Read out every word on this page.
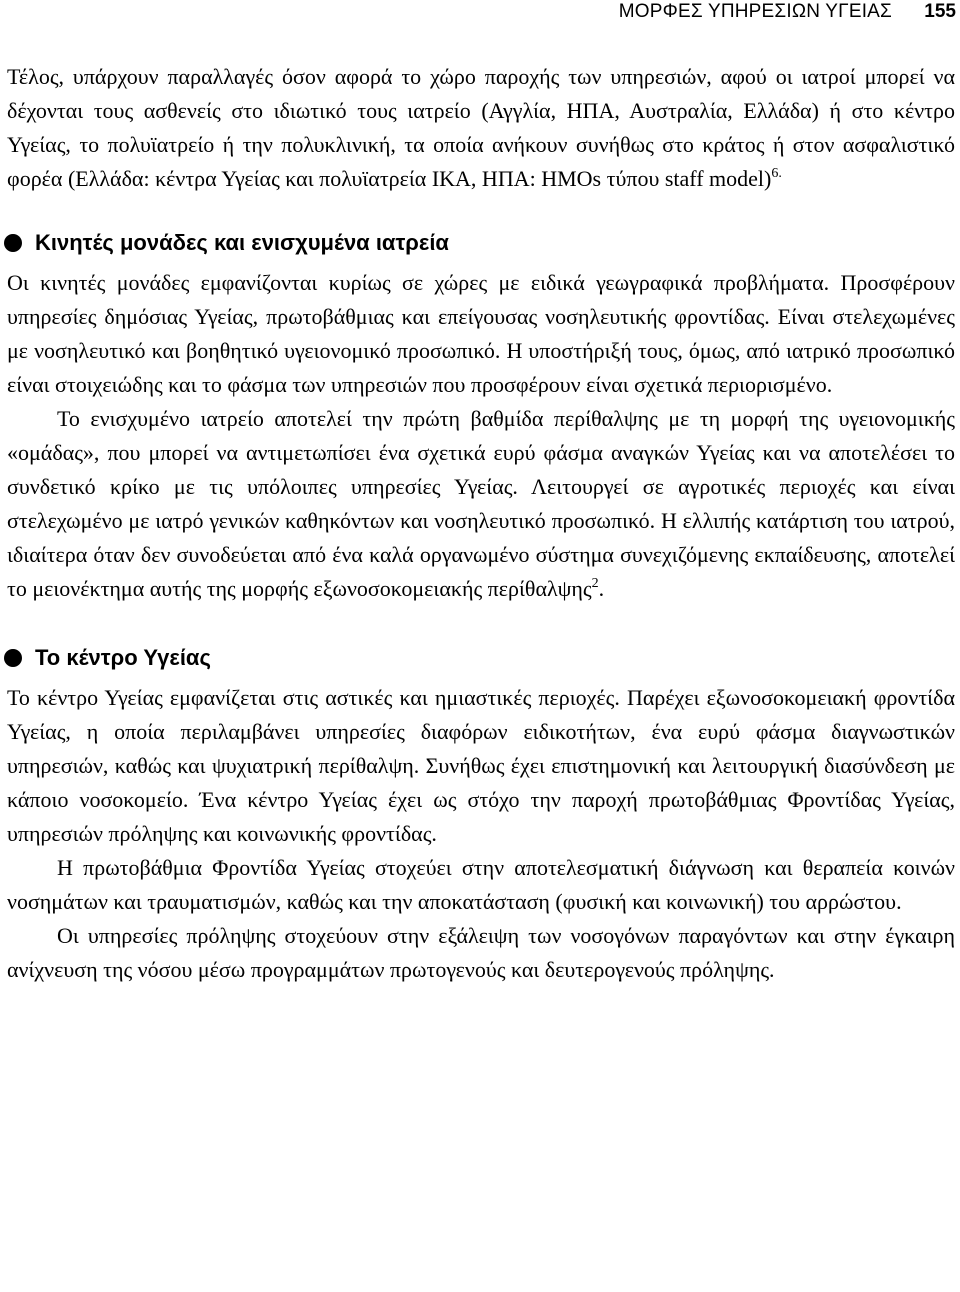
ΜΟΡΦΕΣ ΥΠΗΡΕΣΙΩΝ ΥΓΕΙΑΣ 155

Τέλος, υπάρχουν παραλλαγές όσον αφορά το χώρο παροχής των υπηρεσιών, αφού οι ιατροί μπορεί να δέχονται τους ασθενείς στο ιδιωτικό τους ιατρείο (Αγγλία, ΗΠΑ, Αυστραλία, Ελλάδα) ή στο κέντρο Υγείας, το πολυϊατρείο ή την πολυκλινική, τα οποία ανήκουν συνήθως στο κράτος ή στον ασφαλιστικό φορέα (Ελλάδα: κέντρα Υγείας και πολυϊατρεία ΙΚΑ, ΗΠΑ: ΗΜΟs τύπου staff model)$^{6.}$

Κινητές μονάδες και ενισχυμένα ιατρεία

Οι κινητές μονάδες εμφανίζονται κυρίως σε χώρες με ειδικά γεωγραφικά προβλήματα. Προσφέρουν υπηρεσίες δημόσιας Υγείας, πρωτοβάθμιας και επείγουσας νοσηλευτικής φροντίδας. Είναι στελεχωμένες με νοσηλευτικό και βοηθητικό υγειονομικό προσωπικό. Η υποστήριξή τους, όμως, από ιατρικό προσωπικό είναι στοιχειώδης και το φάσμα των υπηρεσιών που προσφέρουν είναι σχετικά περιορισμένο.

Το ενισχυμένο ιατρείο αποτελεί την πρώτη βαθμίδα περίθαλψης με τη μορφή της υγειονομικής «ομάδας», που μπορεί να αντιμετωπίσει ένα σχετικά ευρύ φάσμα αναγκών Υγείας και να αποτελέσει το συνδετικό κρίκο με τις υπόλοιπες υπηρεσίες Υγείας. Λειτουργεί σε αγροτικές περιοχές και είναι στελεχωμένο με ιατρό γενικών καθηκόντων και νοσηλευτικό προσωπικό. Η ελλιπής κατάρτιση του ιατρού, ιδιαίτερα όταν δεν συνοδεύεται από ένα καλά οργανωμένο σύστημα συνεχιζόμενης εκπαίδευσης, αποτελεί το μειονέκτημα αυτής της μορφής εξωνοσοκομειακής περίθαλψης$^2$.

Το κέντρο Υγείας

Το κέντρο Υγείας εμφανίζεται στις αστικές και ημιαστικές περιοχές. Παρέχει εξωνοσοκομειακή φροντίδα Υγείας, η οποία περιλαμβάνει υπηρεσίες διαφόρων ειδικοτήτων, ένα ευρύ φάσμα διαγνωστικών υπηρεσιών, καθώς και ψυχιατρική περίθαλψη. Συνήθως έχει επιστημονική και λειτουργική διασύνδεση με κάποιο νοσοκομείο. Ένα κέντρο Υγείας έχει ως στόχο την παροχή πρωτοβάθμιας Φροντίδας Υγείας, υπηρεσιών πρόληψης και κοινωνικής φροντίδας.

Η πρωτοβάθμια Φροντίδα Υγείας στοχεύει στην αποτελεσματική διάγνωση και θεραπεία κοινών νοσημάτων και τραυματισμών, καθώς και την αποκατάσταση (φυσική και κοινωνική) του αρρώστου.

Οι υπηρεσίες πρόληψης στοχεύουν στην εξάλειψη των νοσογόνων παραγόντων και στην έγκαιρη ανίχνευση της νόσου μέσω προγραμμάτων πρωτογενούς και δευτερογενούς πρόληψης.
